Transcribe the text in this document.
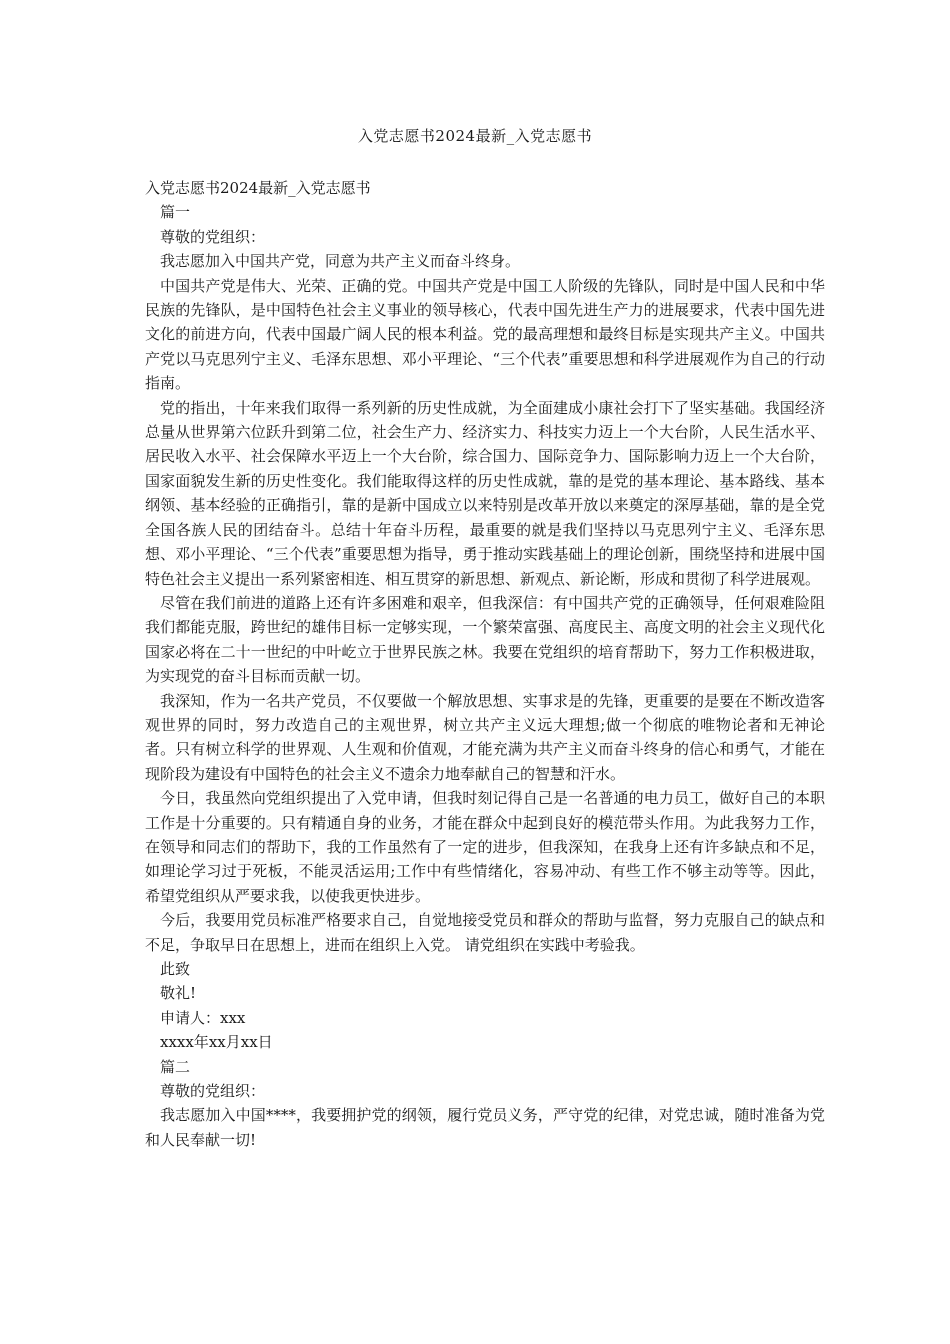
入党志愿书2024最新_入党志愿书

入党志愿书2024最新_入党志愿书

篇一

尊敬的党组织：

我志愿加入中国共产党，同意为共产主义而奋斗终身。

中国共产党是伟大、光荣、正确的党。中国共产党是中国工人阶级的先锋队，同时是中国人民和中华民族的先锋队，是中国特色社会主义事业的领导核心，代表中国先进生产力的进展要求，代表中国先进文化的前进方向，代表中国最广阔人民的根本利益。党的最高理想和最终目标是实现共产主义。中国共产党以马克思列宁主义、毛泽东思想、邓小平理论、“三个代表”重要思想和科学进展观作为自己的行动指南。

党的指出，十年来我们取得一系列新的历史性成就，为全面建成小康社会打下了坚实基础。我国经济总量从世界第六位跃升到第二位，社会生产力、经济实力、科技实力迈上一个大台阶，人民生活水平、居民收入水平、社会保障水平迈上一个大台阶，综合国力、国际竞争力、国际影响力迈上一个大台阶，国家面貌发生新的历史性变化。我们能取得这样的历史性成就，靠的是党的基本理论、基本路线、基本纲领、基本经验的正确指引，靠的是新中国成立以来特别是改革开放以来奠定的深厚基础，靠的是全党全国各族人民的团结奋斗。总结十年奋斗历程，最重要的就是我们坚持以马克思列宁主义、毛泽东思想、邓小平理论、“三个代表”重要思想为指导，勇于推动实践基础上的理论创新，围绕坚持和进展中国特色社会主义提出一系列紧密相连、相互贯穿的新思想、新观点、新论断，形成和贯彻了科学进展观。

尽管在我们前进的道路上还有许多困难和艰辛，但我深信：有中国共产党的正确领导，任何艰难险阻我们都能克服，跨世纪的雄伟目标一定够实现，一个繁荣富强、高度民主、高度文明的社会主义现代化国家必将在二十一世纪的中叶屹立于世界民族之林。我要在党组织的培育帮助下，努力工作积极进取，为实现党的奋斗目标而贡献一切。

我深知，作为一名共产党员，不仅要做一个解放思想、实事求是的先锋，更重要的是要在不断改造客观世界的同时，努力改造自己的主观世界，树立共产主义远大理想;做一个彻底的唯物论者和无神论者。只有树立科学的世界观、人生观和价值观，才能充满为共产主义而奋斗终身的信心和勇气，才能在现阶段为建设有中国特色的社会主义不遗余力地奉献自己的智慧和汗水。

今日，我虽然向党组织提出了入党申请，但我时刻记得自己是一名普通的电力员工，做好自己的本职工作是十分重要的。只有精通自身的业务，才能在群众中起到良好的模范带头作用。为此我努力工作，在领导和同志们的帮助下，我的工作虽然有了一定的进步，但我深知，在我身上还有许多缺点和不足，如理论学习过于死板，不能灵活运用;工作中有些情绪化，容易冲动、有些工作不够主动等等。因此，希望党组织从严要求我，以使我更快进步。

今后，我要用党员标准严格要求自己，自觉地接受党员和群众的帮助与监督，努力克服自己的缺点和不足，争取早日在思想上，进而在组织上入党。 请党组织在实践中考验我。

此致

敬礼!

申请人：xxx

xxxx年xx月xx日

篇二

尊敬的党组织：

我志愿加入中国****，我要拥护党的纲领，履行党员义务，严守党的纪律，对党忠诚，随时准备为党和人民奉献一切!
